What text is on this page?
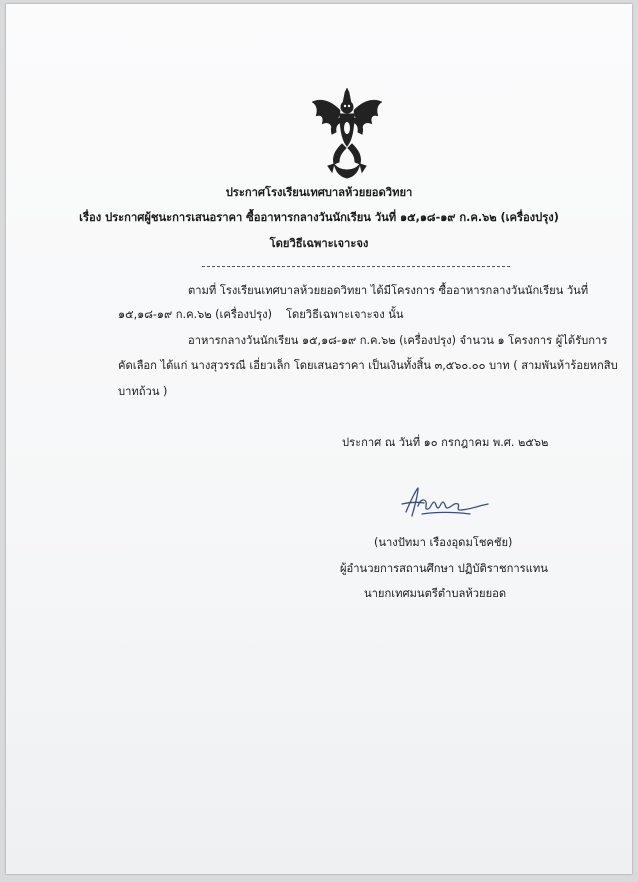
ประกาศโรงเรียนเทศบาลห้วยยอดวิทยา

เรื่อง ประกาศผู้ชนะการเสนอราคา ซื้ออาหารกลางวันนักเรียน วันที่ ๑๕,๑๘-๑๙ ก.ค.๖๒ (เครื่องปรุง)

โดยวิธีเฉพาะเจาะจง

ตามที่ โรงเรียนเทศบาลห้วยยอดวิทยา ได้มีโครงการ ซื้ออาหารกลางวันนักเรียน วันที่

๑๕,๑๘-๑๙ ก.ค.๖๒ (เครื่องปรุง) โดยวิธีเฉพาะเจาะจง นั้น

อาหารกลางวันนักเรียน ๑๕,๑๘-๑๙ ก.ค.๖๒ (เครื่องปรุง) จำนวน ๑ โครงการ ผู้ได้รับการ

คัดเลือก ได้แก่ นางสุวรรณี เอี่ยวเล็ก โดยเสนอราคา เป็นเงินทั้งสิ้น ๓,๕๖๐.๐๐ บาท ( สามพันห้าร้อยหกสิบ

บาทถ้วน )

ประกาศ ณ วันที่ ๑๐ กรกฎาคม พ.ศ. ๒๕๖๒

(นางปัทมา เรืองอุดมโชคชัย)

ผู้อำนวยการสถานศึกษา ปฏิบัติราชการแทน

นายกเทศมนตรีตำบลห้วยยอด
